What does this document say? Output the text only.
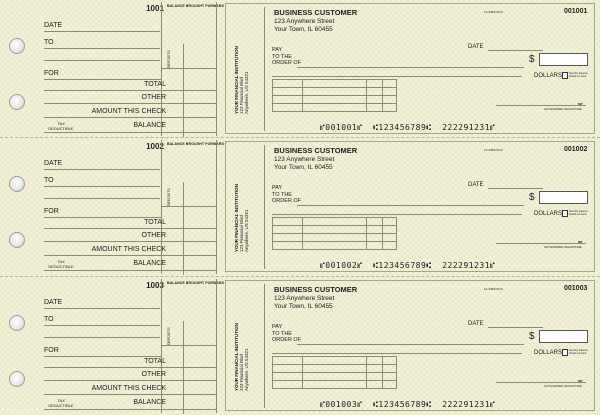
1001 BALANCE BROUGHT FORWARD
DATE
TO
DEPOSITS
FOR
TOTAL
OTHER
AMOUNT THIS CHECK
TAX DEDUCTIBLE	BALANCE
YOUR FINANCIAL INSTITUTION 123 Financial Blvd Anywhere, US 54321
BUSINESS CUSTOMER
123 Anywhere Street
Your Town, IL 60455
12-3456/7210	001001
DATE
PAY
TO THE
ORDER OF	$
DOLLARS	Security features. Details on back.
MP
AUTHORIZED SIGNATURE
⑈001001⑈  ⑆123456789⑆  222291231⑈
1002 BALANCE BROUGHT FORWARD
DATE
TO
DEPOSITS
FOR
TOTAL
OTHER
AMOUNT THIS CHECK
TAX DEDUCTIBLE	BALANCE
YOUR FINANCIAL INSTITUTION 123 Financial Blvd Anywhere, US 54321
BUSINESS CUSTOMER
123 Anywhere Street
Your Town, IL 60455
12-3456/7210	001002
DATE
PAY
TO THE
ORDER OF	$
DOLLARS	Security features. Details on back.
MP
AUTHORIZED SIGNATURE
⑈001002⑈  ⑆123456789⑆  222291231⑈
1003 BALANCE BROUGHT FORWARD
DATE
TO
DEPOSITS
FOR
TOTAL
OTHER
AMOUNT THIS CHECK
TAX DEDUCTIBLE	BALANCE
YOUR FINANCIAL INSTITUTION 123 Financial Blvd Anywhere, US 54321
BUSINESS CUSTOMER
123 Anywhere Street
Your Town, IL 60455
12-3456/7210	001003
DATE
PAY
TO THE
ORDER OF	$
DOLLARS	Security features. Details on back.
MP
AUTHORIZED SIGNATURE
⑈001003⑈  ⑆123456789⑆  222291231⑈
